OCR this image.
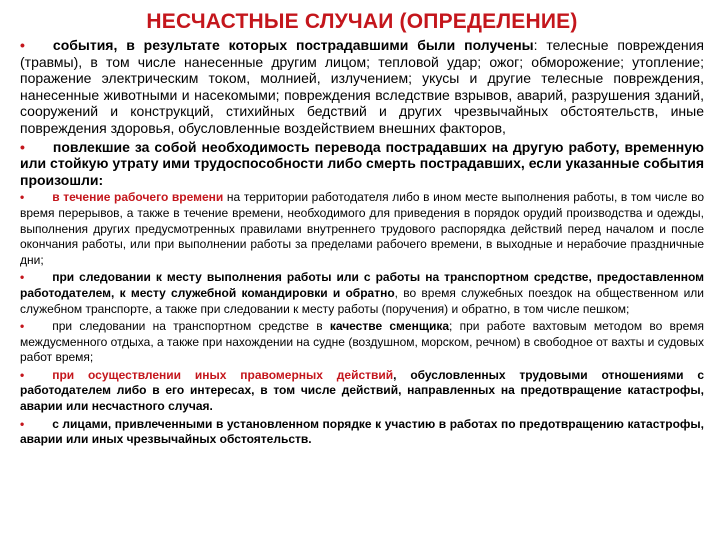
НЕСЧАСТНЫЕ СЛУЧАИ (ОПРЕДЕЛЕНИЕ)

• события, в результате которых пострадавшими были получены: телесные повреждения (травмы), в том числе нанесенные другим лицом; тепловой удар; ожог; обморожение; утопление; поражение электрическим током, молнией, излучением; укусы и другие телесные повреждения, нанесенные животными и насекомыми; повреждения вследствие взрывов, аварий, разрушения зданий, сооружений и конструкций, стихийных бедствий и других чрезвычайных обстоятельств, иные повреждения здоровья, обусловленные воздействием внешних факторов,

• повлекшие за собой необходимость перевода пострадавших на другую работу, временную или стойкую утрату ими трудоспособности либо смерть пострадавших, если указанные события произошли:

• в течение рабочего времени на территории работодателя либо в ином месте выполнения работы, в том числе во время перерывов, а также в течение времени, необходимого для приведения в порядок орудий производства и одежды, выполнения других предусмотренных правилами внутреннего трудового распорядка действий перед началом и после окончания работы, или при выполнении работы за пределами рабочего времени, в выходные и нерабочие праздничные дни;

• при следовании к месту выполнения работы или с работы на транспортном средстве, предоставленном работодателем, к месту служебной командировки и обратно, во время служебных поездок на общественном или служебном транспорте, а также при следовании к месту работы (поручения) и обратно, в том числе пешком;

• при следовании на транспортном средстве в качестве сменщика; при работе вахтовым методом во время междусменного отдыха, а также при нахождении на судне (воздушном, морском, речном) в свободное от вахты и судовых работ время;

• при осуществлении иных правомерных действий, обусловленных трудовыми отношениями с работодателем либо в его интересах, в том числе действий, направленных на предотвращение катастрофы, аварии или несчастного случая.

• с лицами, привлеченными в установленном порядке к участию в работах по предотвращению катастрофы, аварии или иных чрезвычайных обстоятельств.
